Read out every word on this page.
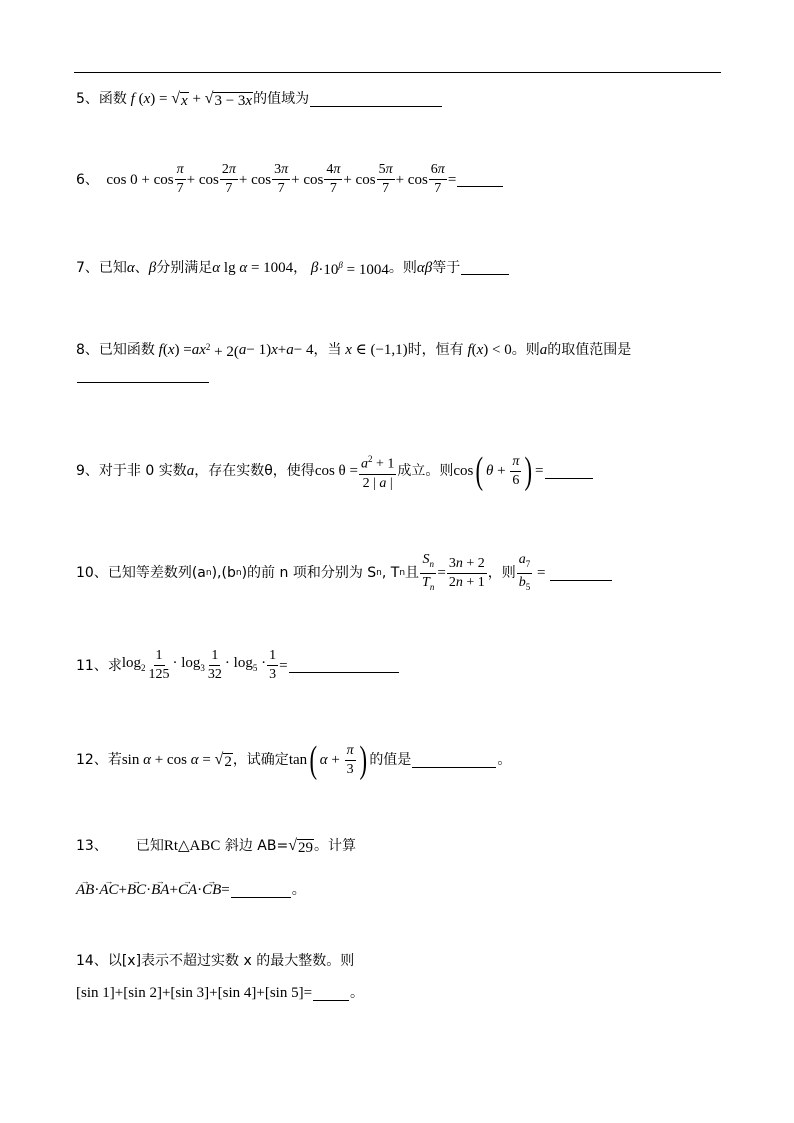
5、 函数 f ( x ) = √ x + √ 3 − 3x 的值域为
6、 $\cos 0 + \cos \frac{\pi}{7} + \cos \frac{2\pi}{7} + \cos \frac{3\pi}{7} + \cos \frac{4\pi}{7} + \cos \frac{5\pi}{7} + \cos \frac{6\pi}{7}$ =
7、 已知 α 、 β 分别满足 α lg α = 1004 ， $\beta \cdot 10^\beta = 1004$ 。则 αβ 等于
8、 已知函数 f ( x ) = ax $^2$ + 2( a − 1) x + a − 4 ，当 x ∈ (−1,1) 时，恒有 f ( x ) < 0 。则 a 的取值范围是
9、 对于非 0 实数 a ，存在实数θ，使得 $\cos \theta = \frac{a^2 + 1}{2 | a |}$ 成立。则 cos ( $\theta + \frac{\pi}{6}$ ) =
10、 已知等差数列(a n ),(b n )的前 n 项和分别为 S n , T n 且 $\frac{S_n}{T_n} = \frac{3n + 2}{2n + 1}$ ，则 $\frac{a_7}{b_5}$ =
11、 求 $\log_2 \frac{1}{125} \cdot \log_3 \frac{1}{32} \cdot \log_5 \cdot \frac{1}{3}$ =
12、 若 sin α + cos α = √ 2 ，试确定 tan ( $\alpha + \frac{\pi}{3}$ ) 的值是	。
13、 已知 Rt△ABC
斜边 AB= √ 29 。计算
→ AB · → AC + → BC · → BA + → CA · → CB =	。
14、 以[x]表示不超过实数 x 的最大整数。则
[sin 1]+[sin 2]+[sin 3]+[sin 4]+[sin 5]=	。
